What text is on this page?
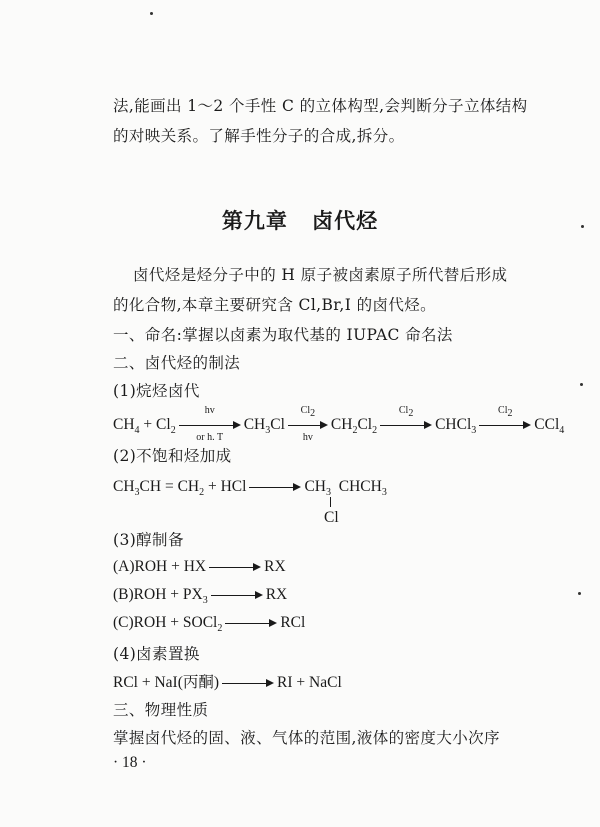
法,能画出 1～2 个手性 C 的立体构型,会判断分子立体结构
的对映关系。了解手性分子的合成,拆分。
第九章 卤代烃
卤代烃是烃分子中的 H 原子被卤素原子所代替后形成
的化合物,本章主要研究含 Cl,Br,I 的卤代烃。
一、命名:掌握以卤素为取代基的 IUPAC 命名法
二、卤代烃的制法
(1)烷烃卤代
$CH_4 + Cl_2 \frac{hv}{\text{or h. T}} CH_3Cl \frac{Cl_2}{hv} CH_2Cl_2$
$Cl_2$
CHCl$_3$
$Cl_2$
CCl$_4$
(2)不饱和烃加成
$CH_3CH = CH_2$ + HCl	$CH_3$  $CHCH_3$
Cl
(3)醇制备
(A)ROH + HX	RX
$(B)ROH + PX_3$	RX
(C)ROH + SOCl$_2$	RCl
(4)卤素置换
RCl + NaI(丙酮)	RI + NaCl
三、物理性质
掌握卤代烃的固、液、气体的范围,液体的密度大小次序
· 18 ·
